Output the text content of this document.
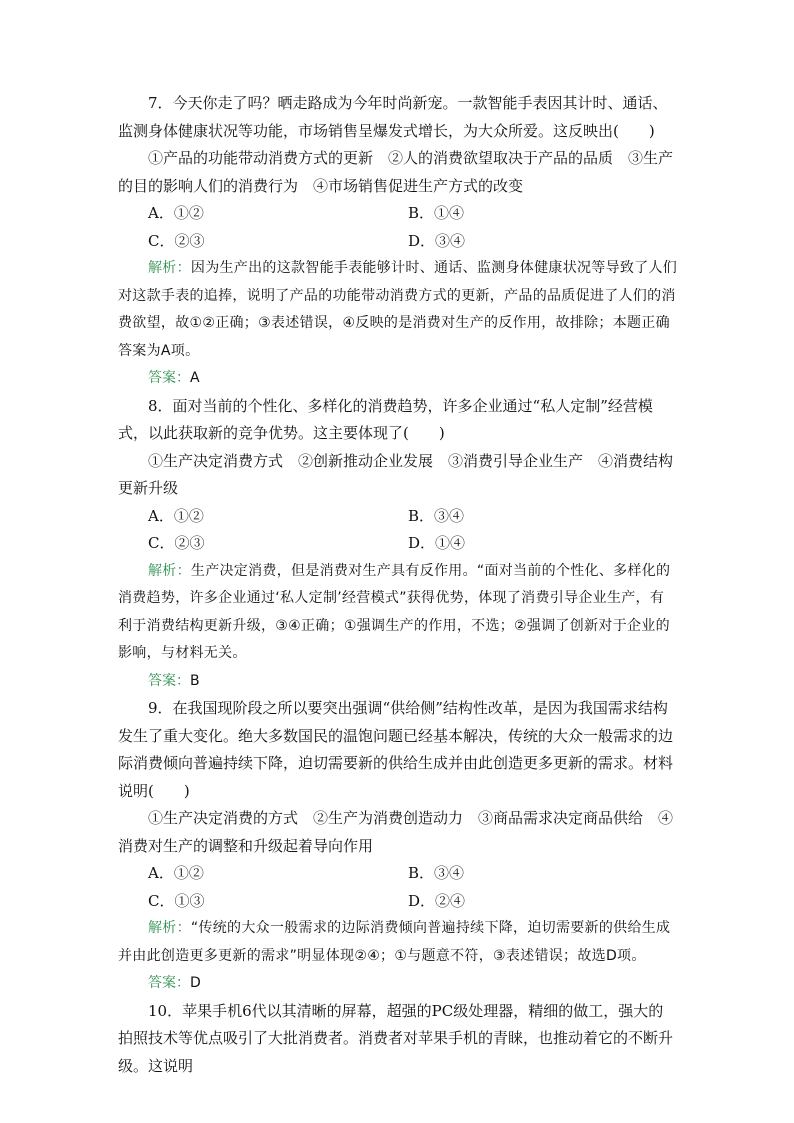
7．今天你走了吗？晒走路成为今年时尚新宠。一款智能手表因其计时、通话、监测身体健康状况等功能，市场销售呈爆发式增长，为大众所爱。这反映出(　　)

①产品的功能带动消费方式的更新　②人的消费欲望取决于产品的品质　③生产的目的影响人们的消费行为　④市场销售促进生产方式的改变

A．①②	B．①④
C．②③	D．③④

解析：因为生产出的这款智能手表能够计时、通话、监测身体健康状况等导致了人们对这款手表的追捧，说明了产品的功能带动消费方式的更新，产品的品质促进了人们的消费欲望，故①②正确；③表述错误，④反映的是消费对生产的反作用，故排除；本题正确答案为A项。

答案：A

8．面对当前的个性化、多样化的消费趋势，许多企业通过“私人定制”经营模式，以此获取新的竞争优势。这主要体现了(　　)

①生产决定消费方式　②创新推动企业发展　③消费引导企业生产　④消费结构更新升级

A．①②	B．③④
C．②③	D．①④

解析：生产决定消费，但是消费对生产具有反作用。“面对当前的个性化、多样化的消费趋势，许多企业通过‘私人定制’经营模式”获得优势，体现了消费引导企业生产，有利于消费结构更新升级，③④正确；①强调生产的作用，不选；②强调了创新对于企业的影响，与材料无关。

答案：B

9．在我国现阶段之所以要突出强调“供给侧”结构性改革，是因为我国需求结构发生了重大变化。绝大多数国民的温饱问题已经基本解决，传统的大众一般需求的边际消费倾向普遍持续下降，迫切需要新的供给生成并由此创造更多更新的需求。材料说明(　　)

①生产决定消费的方式　②生产为消费创造动力　③商品需求决定商品供给　④消费对生产的调整和升级起着导向作用

A．①②	B．③④
C．①③	D．②④

解析：“传统的大众一般需求的边际消费倾向普遍持续下降，迫切需要新的供给生成并由此创造更多更新的需求”明显体现②④；①与题意不符，③表述错误；故选D项。

答案：D

10．苹果手机6代以其清晰的屏幕，超强的PC级处理器，精细的做工，强大的拍照技术等优点吸引了大批消费者。消费者对苹果手机的青睐，也推动着它的不断升级。这说明
